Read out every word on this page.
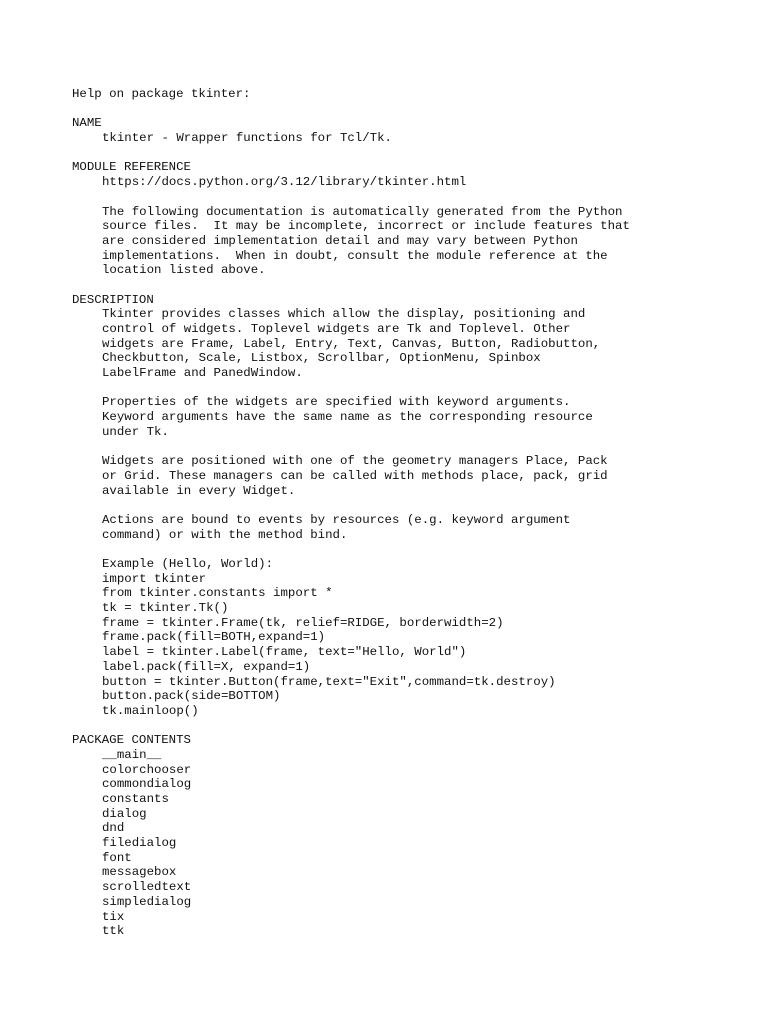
Help on package tkinter:
NAME
tkinter - Wrapper functions for Tcl/Tk.
MODULE REFERENCE
https://docs.python.org/3.12/library/tkinter.html
The following documentation is automatically generated from the Python
source files.  It may be incomplete, incorrect or include features that
are considered implementation detail and may vary between Python
implementations.  When in doubt, consult the module reference at the
location listed above.
DESCRIPTION
Tkinter provides classes which allow the display, positioning and
control of widgets. Toplevel widgets are Tk and Toplevel. Other
widgets are Frame, Label, Entry, Text, Canvas, Button, Radiobutton,
Checkbutton, Scale, Listbox, Scrollbar, OptionMenu, Spinbox
LabelFrame and PanedWindow.
Properties of the widgets are specified with keyword arguments.
Keyword arguments have the same name as the corresponding resource
under Tk.
Widgets are positioned with one of the geometry managers Place, Pack
or Grid. These managers can be called with methods place, pack, grid
available in every Widget.
Actions are bound to events by resources (e.g. keyword argument
command) or with the method bind.
Example (Hello, World):
import tkinter
from tkinter.constants import *
tk = tkinter.Tk()
frame = tkinter.Frame(tk, relief=RIDGE, borderwidth=2)
frame.pack(fill=BOTH,expand=1)
label = tkinter.Label(frame, text="Hello, World")
label.pack(fill=X, expand=1)
button = tkinter.Button(frame,text="Exit",command=tk.destroy)
button.pack(side=BOTTOM)
tk.mainloop()
PACKAGE CONTENTS
__main__
colorchooser
commondialog
constants
dialog
dnd
filedialog
font
messagebox
scrolledtext
simpledialog
tix
ttk
